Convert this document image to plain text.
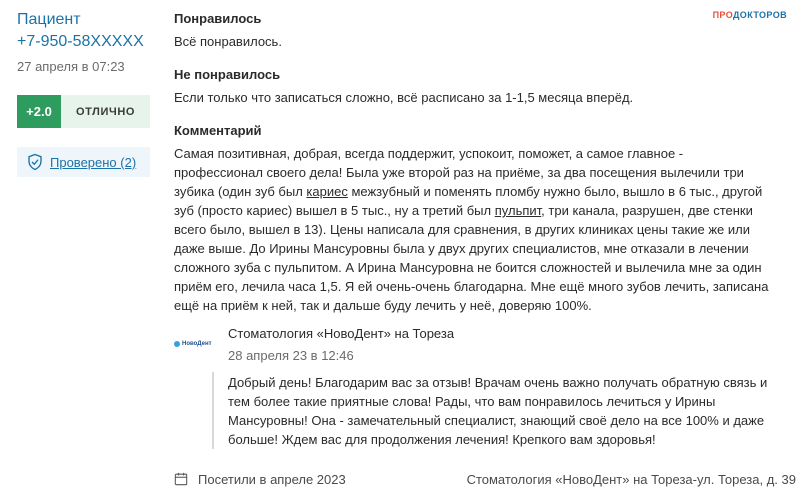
ПРОДОКТОРОВ
Пациент
+7-950-58XXXXX
27 апреля в 07:23
+2.0	ОТЛИЧНО
Проверено (2)
Понравилось
Всё понравилось.
Не понравилось
Если только что записаться сложно, всё расписано за 1-1,5 месяца вперёд.
Комментарий
Самая позитивная, добрая, всегда поддержит, успокоит, поможет, а самое главное - профессионал своего дела! Была уже второй раз на приёме, за два посещения вылечили три зубика (один зуб был кариес межзубный и поменять пломбу нужно было, вышло в 6 тыс., другой зуб (просто кариес) вышел в 5 тыс., ну а третий был пульпит, три канала, разрушен, две стенки всего было, вышел в 13). Цены написала для сравнения, в других клиниках цены такие же или даже выше. До Ирины Мансуровны была у двух других специалистов, мне отказали в лечении сложного зуба с пульпитом. А Ирина Мансуровна не боится сложностей и вылечила мне за один приём его, лечила часа 1,5. Я ей очень-очень благодарна. Мне ещё много зубов лечить, записана ещё на приём к ней, так и дальше буду лечить у неё, доверяю 100%.
НовоДент
Стоматология «НовоДент» на Тореза
28 апреля 23 в 12:46
Добрый день! Благодарим вас за отзыв! Врачам очень важно получать обратную связь и тем более такие приятные слова! Рады, что вам понравилось лечиться у Ирины Мансуровны! Она - замечательный специалист, знающий своё дело на все 100% и даже больше! Ждем вас для продолжения лечения! Крепкого вам здоровья!
Посетили в апреле 2023	Стоматология «НовоДент» на Тореза-ул. Тореза, д. 39
